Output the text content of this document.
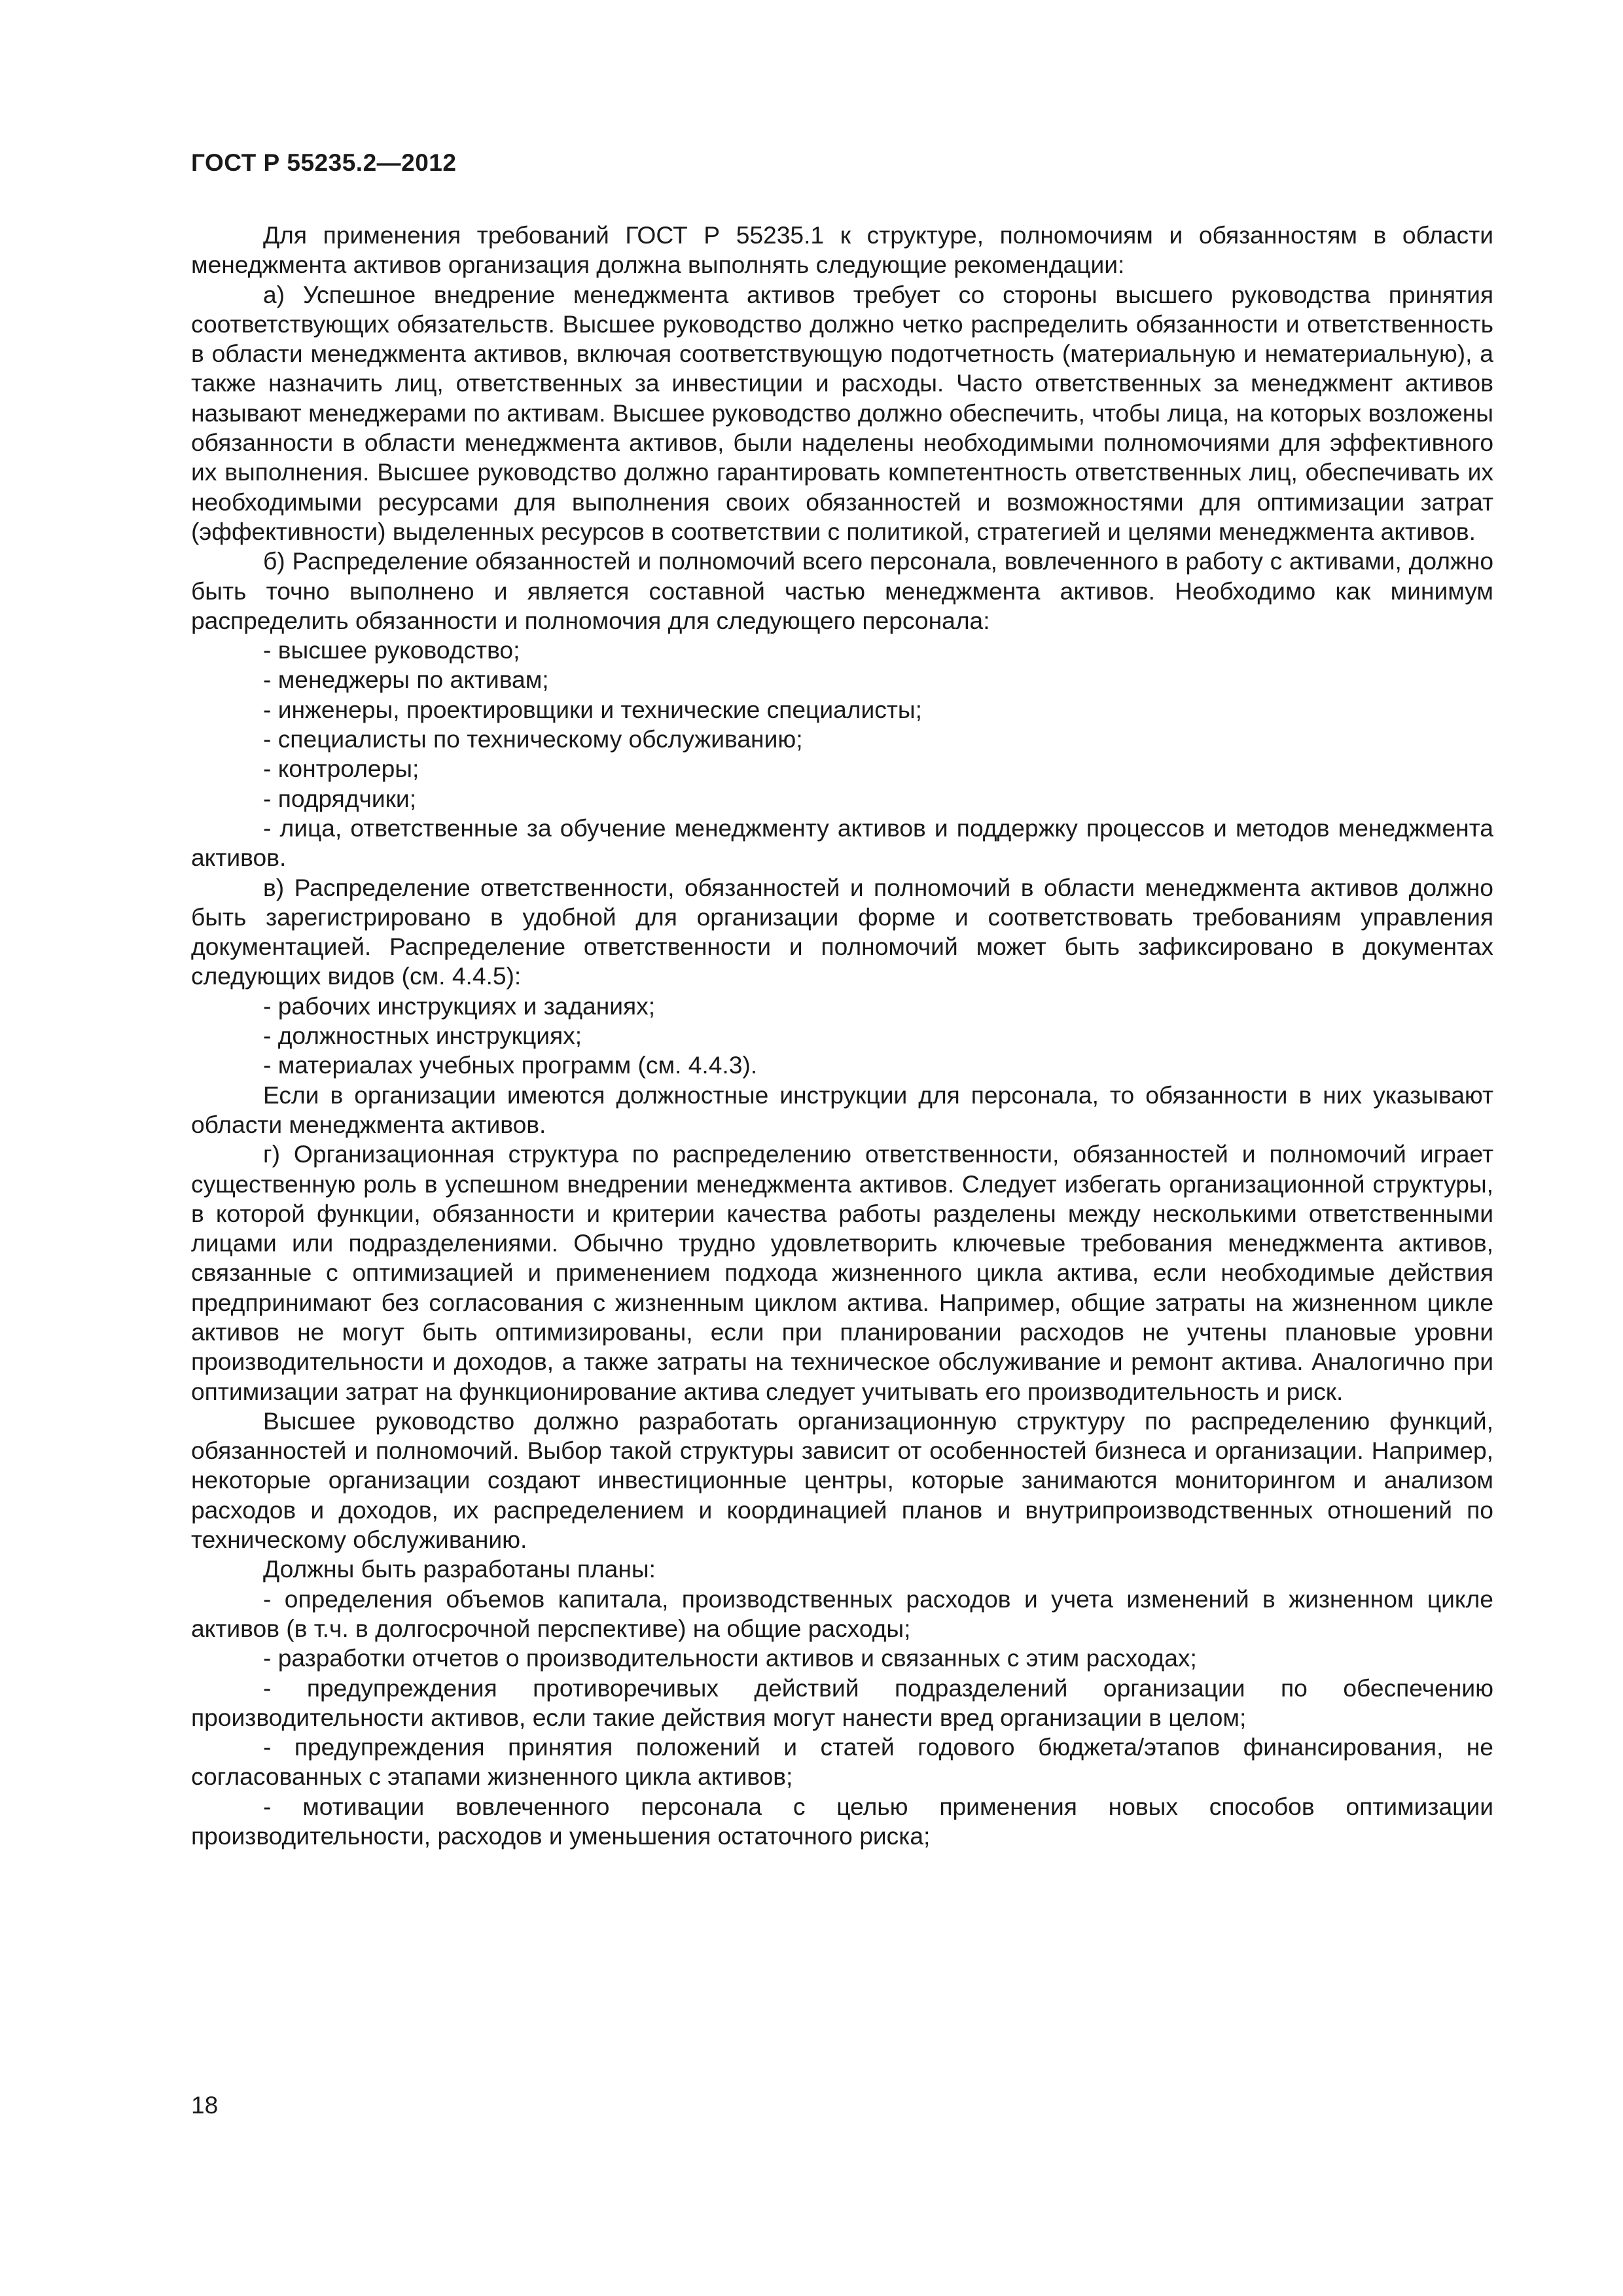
ГОСТ Р 55235.2—2012

Для применения требований ГОСТ Р 55235.1 к структуре, полномочиям и обязанностям в области менеджмента активов организация должна выполнять следующие рекомендации:

а) Успешное внедрение менеджмента активов требует со стороны высшего руководства принятия соответствующих обязательств. Высшее руководство должно четко распределить обязанности и ответственность в области менеджмента активов, включая соответствующую подотчетность (материальную и нематериальную), а также назначить лиц, ответственных за инвестиции и расходы. Часто ответственных за менеджмент активов называют менеджерами по активам. Высшее руководство должно обеспечить, чтобы лица, на которых возложены обязанности в области менеджмента активов, были наделены необходимыми полномочиями для эффективного их выполнения. Высшее руководство должно гарантировать компетентность ответственных лиц, обеспечивать их необходимыми ресурсами для выполнения своих обязанностей и возможностями для оптимизации затрат (эффективности) выделенных ресурсов в соответствии с политикой, стратегией и целями менеджмента активов.

б) Распределение обязанностей и полномочий всего персонала, вовлеченного в работу с активами, должно быть точно выполнено и является составной частью менеджмента активов. Необходимо как минимум распределить обязанности и полномочия для следующего персонала:

- высшее руководство;

- менеджеры по активам;

- инженеры, проектировщики и технические специалисты;

- специалисты по техническому обслуживанию;

- контролеры;

- подрядчики;

- лица, ответственные за обучение менеджменту активов и поддержку процессов и методов менеджмента активов.

в) Распределение ответственности, обязанностей и полномочий в области менеджмента активов должно быть зарегистрировано в удобной для организации форме и соответствовать требованиям управления документацией. Распределение ответственности и полномочий может быть зафиксировано в документах следующих видов (см. 4.4.5):

- рабочих инструкциях и заданиях;

- должностных инструкциях;

- материалах учебных программ (см. 4.4.3).

Если в организации имеются должностные инструкции для персонала, то обязанности в них указывают области менеджмента активов.

г) Организационная структура по распределению ответственности, обязанностей и полномочий играет существенную роль в успешном внедрении менеджмента активов. Следует избегать организационной структуры, в которой функции, обязанности и критерии качества работы разделены между несколькими ответственными лицами или подразделениями. Обычно трудно удовлетворить ключевые требования менеджмента активов, связанные с оптимизацией и применением подхода жизненного цикла актива, если необходимые действия предпринимают без согласования с жизненным циклом актива. Например, общие затраты на жизненном цикле активов не могут быть оптимизированы, если при планировании расходов не учтены плановые уровни производительности и доходов, а также затраты на техническое обслуживание и ремонт актива. Аналогично при оптимизации затрат на функционирование актива следует учитывать его производительность и риск.

Высшее руководство должно разработать организационную структуру по распределению функций, обязанностей и полномочий. Выбор такой структуры зависит от особенностей бизнеса и организации. Например, некоторые организации создают инвестиционные центры, которые занимаются мониторингом и анализом расходов и доходов, их распределением и координацией планов и внутрипроизводственных отношений по техническому обслуживанию.

Должны быть разработаны планы:

- определения объемов капитала, производственных расходов и учета изменений в жизненном цикле активов (в т.ч. в долгосрочной перспективе) на общие расходы;

- разработки отчетов о производительности активов и связанных с этим расходах;

- предупреждения противоречивых действий подразделений организации по обеспечению производительности активов, если такие действия могут нанести вред организации в целом;

- предупреждения принятия положений и статей годового бюджета/этапов финансирования, не согласованных с этапами жизненного цикла активов;

- мотивации вовлеченного персонала с целью применения новых способов оптимизации производительности, расходов и уменьшения остаточного риска;

18
